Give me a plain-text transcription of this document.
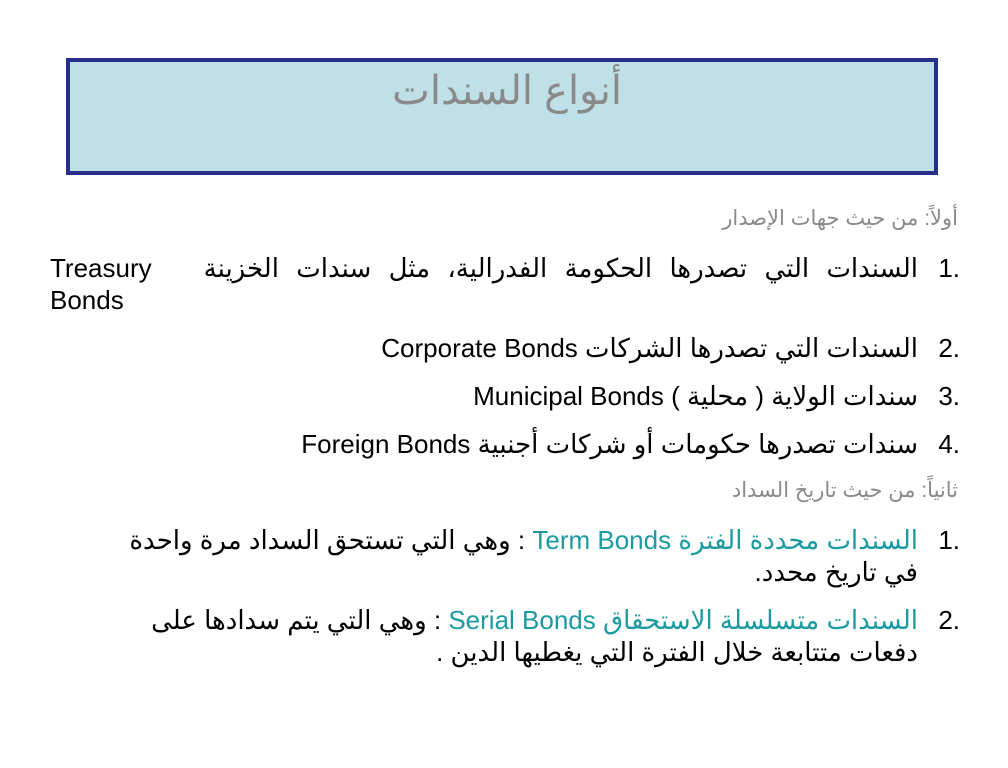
أنواع السندات
أولاً: من حيث جهات الإصدار
1.
السندات التي تصدرها الحكومة الفدرالية، مثل سندات الخزينة   Treasury
Bonds
2.
السندات التي تصدرها الشركات Corporate Bonds
3.
سندات الولاية ( محلية ) Municipal Bonds
4.
سندات تصدرها حكومات أو شركات أجنبية Foreign Bonds
ثانياً: من حيث تاريخ السداد
1.
السندات محددة الفترة Term Bonds : وهي التي تستحق السداد مرة واحدة
في تاريخ محدد.
2.
السندات متسلسلة الاستحقاق Serial Bonds : وهي التي يتم سدادها على
دفعات متتابعة خلال الفترة التي يغطيها الدين .
